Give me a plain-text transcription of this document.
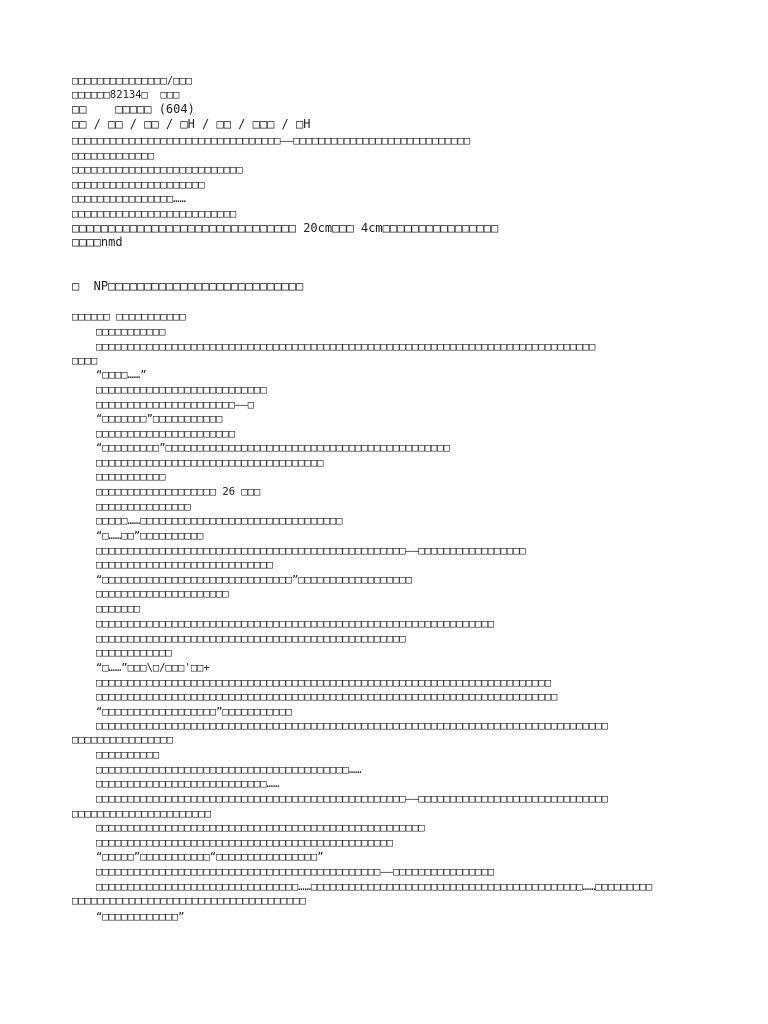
□□□□□□□□□□□□□□□/□□□
□□□□□□82134□  □□□
□□    □□□□□ (604)
□□ / □□ / □□ / □H / □□ / □□□ / □H
□□□□□□□□□□□□□□□□□□□□□□□□□□□□□□□□□——□□□□□□□□□□□□□□□□□□□□□□□□□□□□
□□□□□□□□□□□□□
□□□□□□□□□□□□□□□□□□□□□□□□□□□
□□□□□□□□□□□□□□□□□□□□□
□□□□□□□□□□□□□□□□……
□□□□□□□□□□□□□□□□□□□□□□□□□□
□□□□□□□□□□□□□□□□□□□□□□□□□□□□□□□ 20cm□□□ 4cm□□□□□□□□□□□□□□□□
□□□□nmd
□  NP□□□□□□□□□□□□□□□□□□□□□□□□□□□
□□□□□□ □□□□□□□□□□□
□□□□□□□□□□□
□□□□□□□□□□□□□□□□□□□□□□□□□□□□□□□□□□□□□□□□□□□□□□□□□□□□□□□□□□□□□□□□□□□□□□□□□□□□□□□
□□□□
“□□□□……”
□□□□□□□□□□□□□□□□□□□□□□□□□□□
□□□□□□□□□□□□□□□□□□□□□□——□
“□□□□□□□”□□□□□□□□□□□
□□□□□□□□□□□□□□□□□□□□□□
“□□□□□□□□□”□□□□□□□□□□□□□□□□□□□□□□□□□□□□□□□□□□□□□□□□□□□□□
□□□□□□□□□□□□□□□□□□□□□□□□□□□□□□□□□□□□
□□□□□□□□□□□
□□□□□□□□□□□□□□□□□□□ 26 □□□
□□□□□□□□□□□□□□□
□□□□□……□□□□□□□□□□□□□□□□□□□□□□□□□□□□□□□□
“□……□□”□□□□□□□□□□
□□□□□□□□□□□□□□□□□□□□□□□□□□□□□□□□□□□□□□□□□□□□□□□□□——□□□□□□□□□□□□□□□□□
□□□□□□□□□□□□□□□□□□□□□□□□□□□□
“□□□□□□□□□□□□□□□□□□□□□□□□□□□□□□”□□□□□□□□□□□□□□□□□□
□□□□□□□□□□□□□□□□□□□□□
□□□□□□□
□□□□□□□□□□□□□□□□□□□□□□□□□□□□□□□□□□□□□□□□□□□□□□□□□□□□□□□□□□□□□□□
□□□□□□□□□□□□□□□□□□□□□□□□□□□□□□□□□□□□□□□□□□□□□□□□□
□□□□□□□□□□□□
“□……”□□□\□/□□□'□□+
□□□□□□□□□□□□□□□□□□□□□□□□□□□□□□□□□□□□□□□□□□□□□□□□□□□□□□□□□□□□□□□□□□□□□□□□
□□□□□□□□□□□□□□□□□□□□□□□□□□□□□□□□□□□□□□□□□□□□□□□□□□□□□□□□□□□□□□□□□□□□□□□□□
“□□□□□□□□□□□□□□□□□□”□□□□□□□□□□□
□□□□□□□□□□□□□□□□□□□□□□□□□□□□□□□□□□□□□□□□□□□□□□□□□□□□□□□□□□□□□□□□□□□□□□□□□□□□□□□□□
□□□□□□□□□□□□□□□□
□□□□□□□□□□
□□□□□□□□□□□□□□□□□□□□□□□□□□□□□□□□□□□□□□□□……
□□□□□□□□□□□□□□□□□□□□□□□□□□□……
□□□□□□□□□□□□□□□□□□□□□□□□□□□□□□□□□□□□□□□□□□□□□□□□□——□□□□□□□□□□□□□□□□□□□□□□□□□□□□□□
□□□□□□□□□□□□□□□□□□□□□□
□□□□□□□□□□□□□□□□□□□□□□□□□□□□□□□□□□□□□□□□□□□□□□□□□□□□
□□□□□□□□□□□□□□□□□□□□□□□□□□□□□□□□□□□□□□□□□□□□□□□
“□□□□□”□□□□□□□□□□□“□□□□□□□□□□□□□□□□”
□□□□□□□□□□□□□□□□□□□□□□□□□□□□□□□□□□□□□□□□□□□□□——□□□□□□□□□□□□□□□□
□□□□□□□□□□□□□□□□□□□□□□□□□□□□□□□□……□□□□□□□□□□□□□□□□□□□□□□□□□□□□□□□□□□□□□□□□□□□……□□□□□□□□□
□□□□□□□□□□□□□□□□□□□□□□□□□□□□□□□□□□□□□
“□□□□□□□□□□□□”
